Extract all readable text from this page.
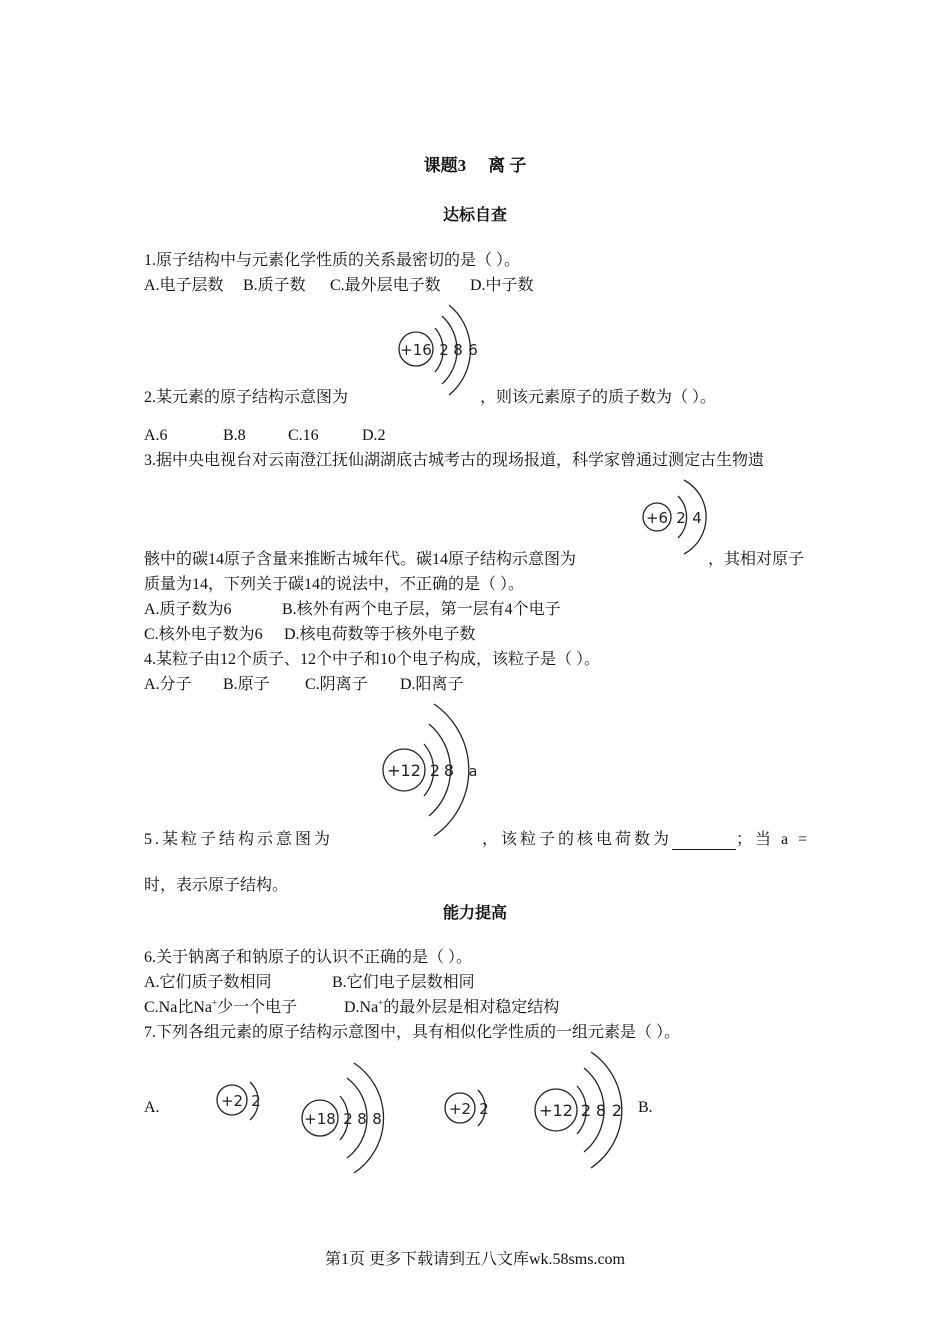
课题3 离 子
达标自查
1.原子结构中与元素化学性质的关系最密切的是（ ）。
A.电子层数 B.质子数 C.最外层电子数 D.中子数
+16 2 8 6
2.某元素的原子结构示意图为	，则该元素原子的质子数为（ ）。
A.6	B.8	C.16	D.2
3.据中央电视台对云南澄江抚仙湖湖底古城考古的现场报道，科学家曾通过测定古生物遗
+6 2 4
骸中的碳14原子含量来推断古城年代。碳14原子结构示意图为	，其相对原子
质量为14，下列关于碳14的说法中，不正确的是（ ）。
A.质子数为6	B.核外有两个电子层，第一层有4个电子
C.核外电子数为6 D.核电荷数等于核外电子数
4.某粒子由12个质子、12个中子和10个电子构成，该粒子是（ ）。
A.分子 B.原子 C.阴离子 D.阳离子
+12 2 8 a
5.某粒子结构示意图为	，该粒子的核电荷数为	；当 a =
时，表示原子结构。
能力提高
6.关于钠离子和钠原子的认识不正确的是（ ）。
A.它们质子数相同	B.它们电子层数相同
C.Na比Na+少一个电子	D.Na+的最外层是相对稳定结构
7.下列各组元素的原子结构示意图中，具有相似化学性质的一组元素是（ ）。
A.	+2 2
+18 2 8 8
+2 2	+12 2 8 2 B.
第1页 更多下载请到五八文库wk.58sms.com
